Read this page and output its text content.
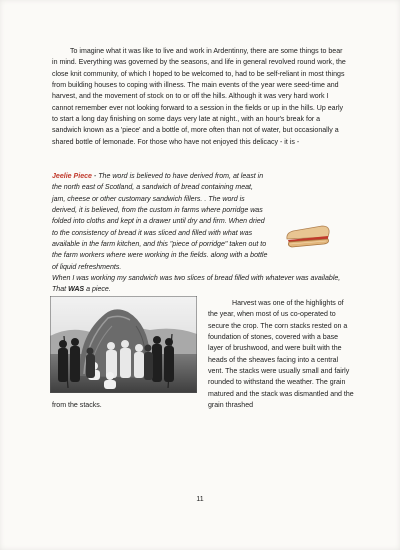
To imagine what it was like to live and work in Ardentinny, there are some things to bear in mind. Everything was governed by the seasons, and life in general revolved round work, the close knit community, of which I hoped to be welcomed to, had to be self-reliant in most things from building houses to coping with illness. The main events of the year were seed-time and harvest, and the movement of stock on to or off the hills. Although it was very hard work I cannot remember ever not looking forward to a session in the fields or up in the hills. Up early to start a long day finishing on some days very late at night., with an hour's break for a sandwich known as a 'piece' and a bottle of, more often than not of water, but occasionally a shared bottle of lemonade. For those who have not enjoyed this delicacy - it is -
Jeelie Piece - The word is believed to have derived from, at least in the north east of Scotland, a sandwich of bread containing meat, jam, cheese or other customary sandwich fillers. . The word is derived, it is believed, from the custom in farms where porridge was folded into cloths and kept in a drawer until dry and firm. When dried to the consistency of bread it was sliced and filled with what was available in the farm kitchen, and this "piece of porridge" taken out to the farm workers where were working in the fields. along with a bottle of liquid refreshments.
When I was working my sandwich was two slices of bread filled with whatever was available, That WAS a piece.
Harvest was one of the highlights of the year, when most of us co-operated to secure the crop. The corn stacks rested on a foundation of stones, covered with a base layer of brushwood, and were built with the heads of the sheaves facing into a central vent. The stacks were usually small and fairly rounded to withstand the weather. The grain matured and the stack was dismantled and the grain thrashed
from the stacks.
11
